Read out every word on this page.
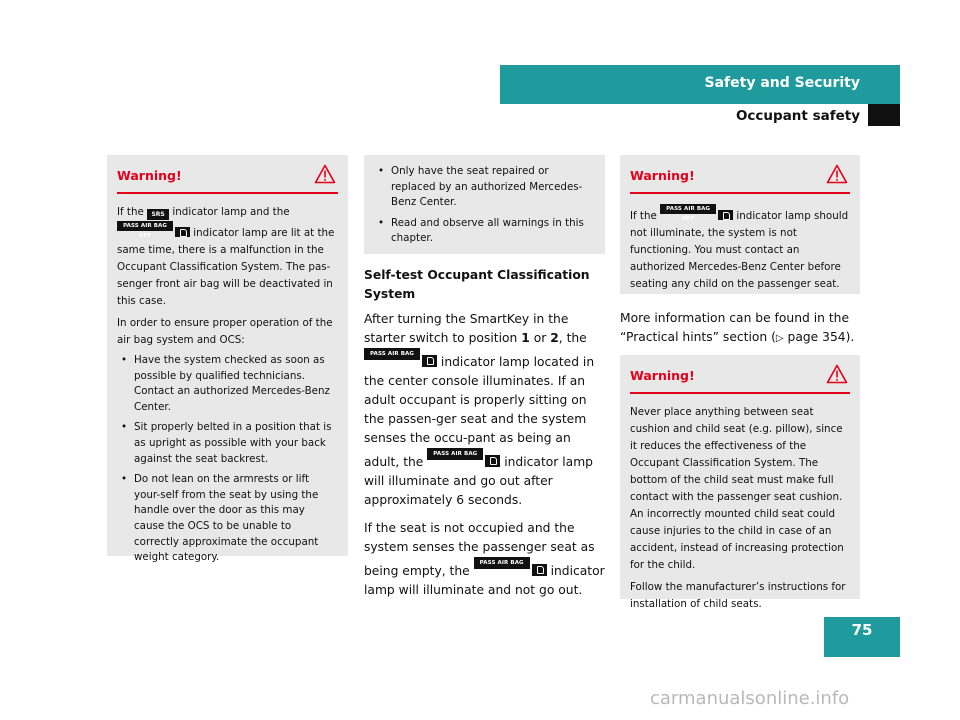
Safety and Security
Occupant safety
Warning!

If the SRS indicator lamp and the
PASS AIR BAG OFF	indicator lamp are lit at the same time, there is a malfunction in the Occupant Classification System. The pas-senger front air bag will be deactivated in this case.

In order to ensure proper operation of the air bag system and OCS:

• Have the system checked as soon as possible by qualified technicians. Contact an authorized Mercedes-Benz Center.
• Sit properly belted in a position that is as upright as possible with your back against the seat backrest.
• Do not lean on the armrests or lift your-self from the seat by using the handle over the door as this may cause the OCS to be unable to correctly approximate the occupant weight category.
• Only have the seat repaired or replaced by an authorized Mercedes-Benz Center.
• Read and observe all warnings in this chapter.

Self-test Occupant Classification System

After turning the SmartKey in the starter switch to position 1 or 2, the
PASS AIR BAG OFF	indicator lamp located in the center console illuminates. If an adult occupant is properly sitting on the passen-ger seat and the system senses the occu-pant as being an adult, the PASS AIR BAG OFF	indicator lamp will illuminate and go out after approximately 6 seconds.

If the seat is not occupied and the system senses the passenger seat as being empty, the PASS AIR BAG OFF	indicator lamp will illuminate and not go out.

Warning!

If the PASS AIR BAG OFF	indicator lamp should not illuminate, the system is not functioning. You must contact an authorized Mercedes-Benz Center before seating any child on the passenger seat.

More information can be found in the “Practical hints” section (▷ page 354).

Warning!

Never place anything between seat cushion and child seat (e.g. pillow), since it reduces the effectiveness of the Occupant Classification System. The bottom of the child seat must make full contact with the passenger seat cushion. An incorrectly mounted child seat could cause injuries to the child in case of an accident, instead of increasing protection for the child.

Follow the manufacturer’s instructions for installation of child seats.

75
carmanualsonline.info
